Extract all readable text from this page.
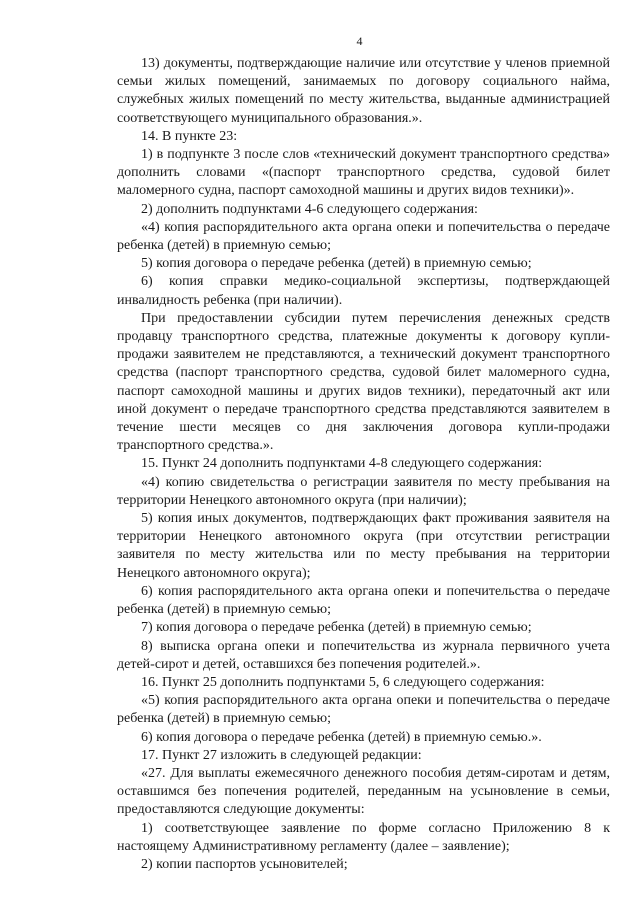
4

13) документы, подтверждающие наличие или отсутствие у членов приемной семьи жилых помещений, занимаемых по договору социального найма, служебных жилых помещений по месту жительства, выданные администрацией соответствующего муниципального образования.».

14. В пункте 23:

1) в подпункте 3 после слов «технический документ транспортного средства» дополнить словами «(паспорт транспортного средства, судовой билет маломерного судна, паспорт самоходной машины и других видов техники)».

2) дополнить подпунктами 4-6 следующего содержания:

«4) копия распорядительного акта органа опеки и попечительства о передаче ребенка (детей) в приемную семью;

5) копия договора о передаче ребенка (детей) в приемную семью;

6) копия справки медико-социальной экспертизы, подтверждающей инвалидность ребенка (при наличии).

При предоставлении субсидии путем перечисления денежных средств продавцу транспортного средства, платежные документы к договору купли-продажи заявителем не представляются, а технический документ транспортного средства (паспорт транспортного средства, судовой билет маломерного судна, паспорт самоходной машины и других видов техники), передаточный акт или иной документ о передаче транспортного средства представляются заявителем в течение шести месяцев со дня заключения договора купли-продажи транспортного средства.».

15. Пункт 24 дополнить подпунктами 4-8 следующего содержания:

«4) копию свидетельства о регистрации заявителя по месту пребывания на территории Ненецкого автономного округа (при наличии);

5) копия иных документов, подтверждающих факт проживания заявителя на территории Ненецкого автономного округа (при отсутствии регистрации заявителя по месту жительства или по месту пребывания на территории Ненецкого автономного округа);

6) копия распорядительного акта органа опеки и попечительства о передаче ребенка (детей) в приемную семью;

7) копия договора о передаче ребенка (детей) в приемную семью;

8) выписка органа опеки и попечительства из журнала первичного учета детей-сирот и детей, оставшихся без попечения родителей.».

16. Пункт 25 дополнить подпунктами 5, 6 следующего содержания:

«5) копия распорядительного акта органа опеки и попечительства о передаче ребенка (детей) в приемную семью;

6) копия договора о передаче ребенка (детей) в приемную семью.».

17. Пункт 27 изложить в следующей редакции:

«27. Для выплаты ежемесячного денежного пособия детям-сиротам и детям, оставшимся без попечения родителей, переданным на усыновление в семьи, предоставляются следующие документы:

1) соответствующее заявление по форме согласно Приложению 8 к настоящему Административному регламенту (далее – заявление);

2) копии паспортов усыновителей;
